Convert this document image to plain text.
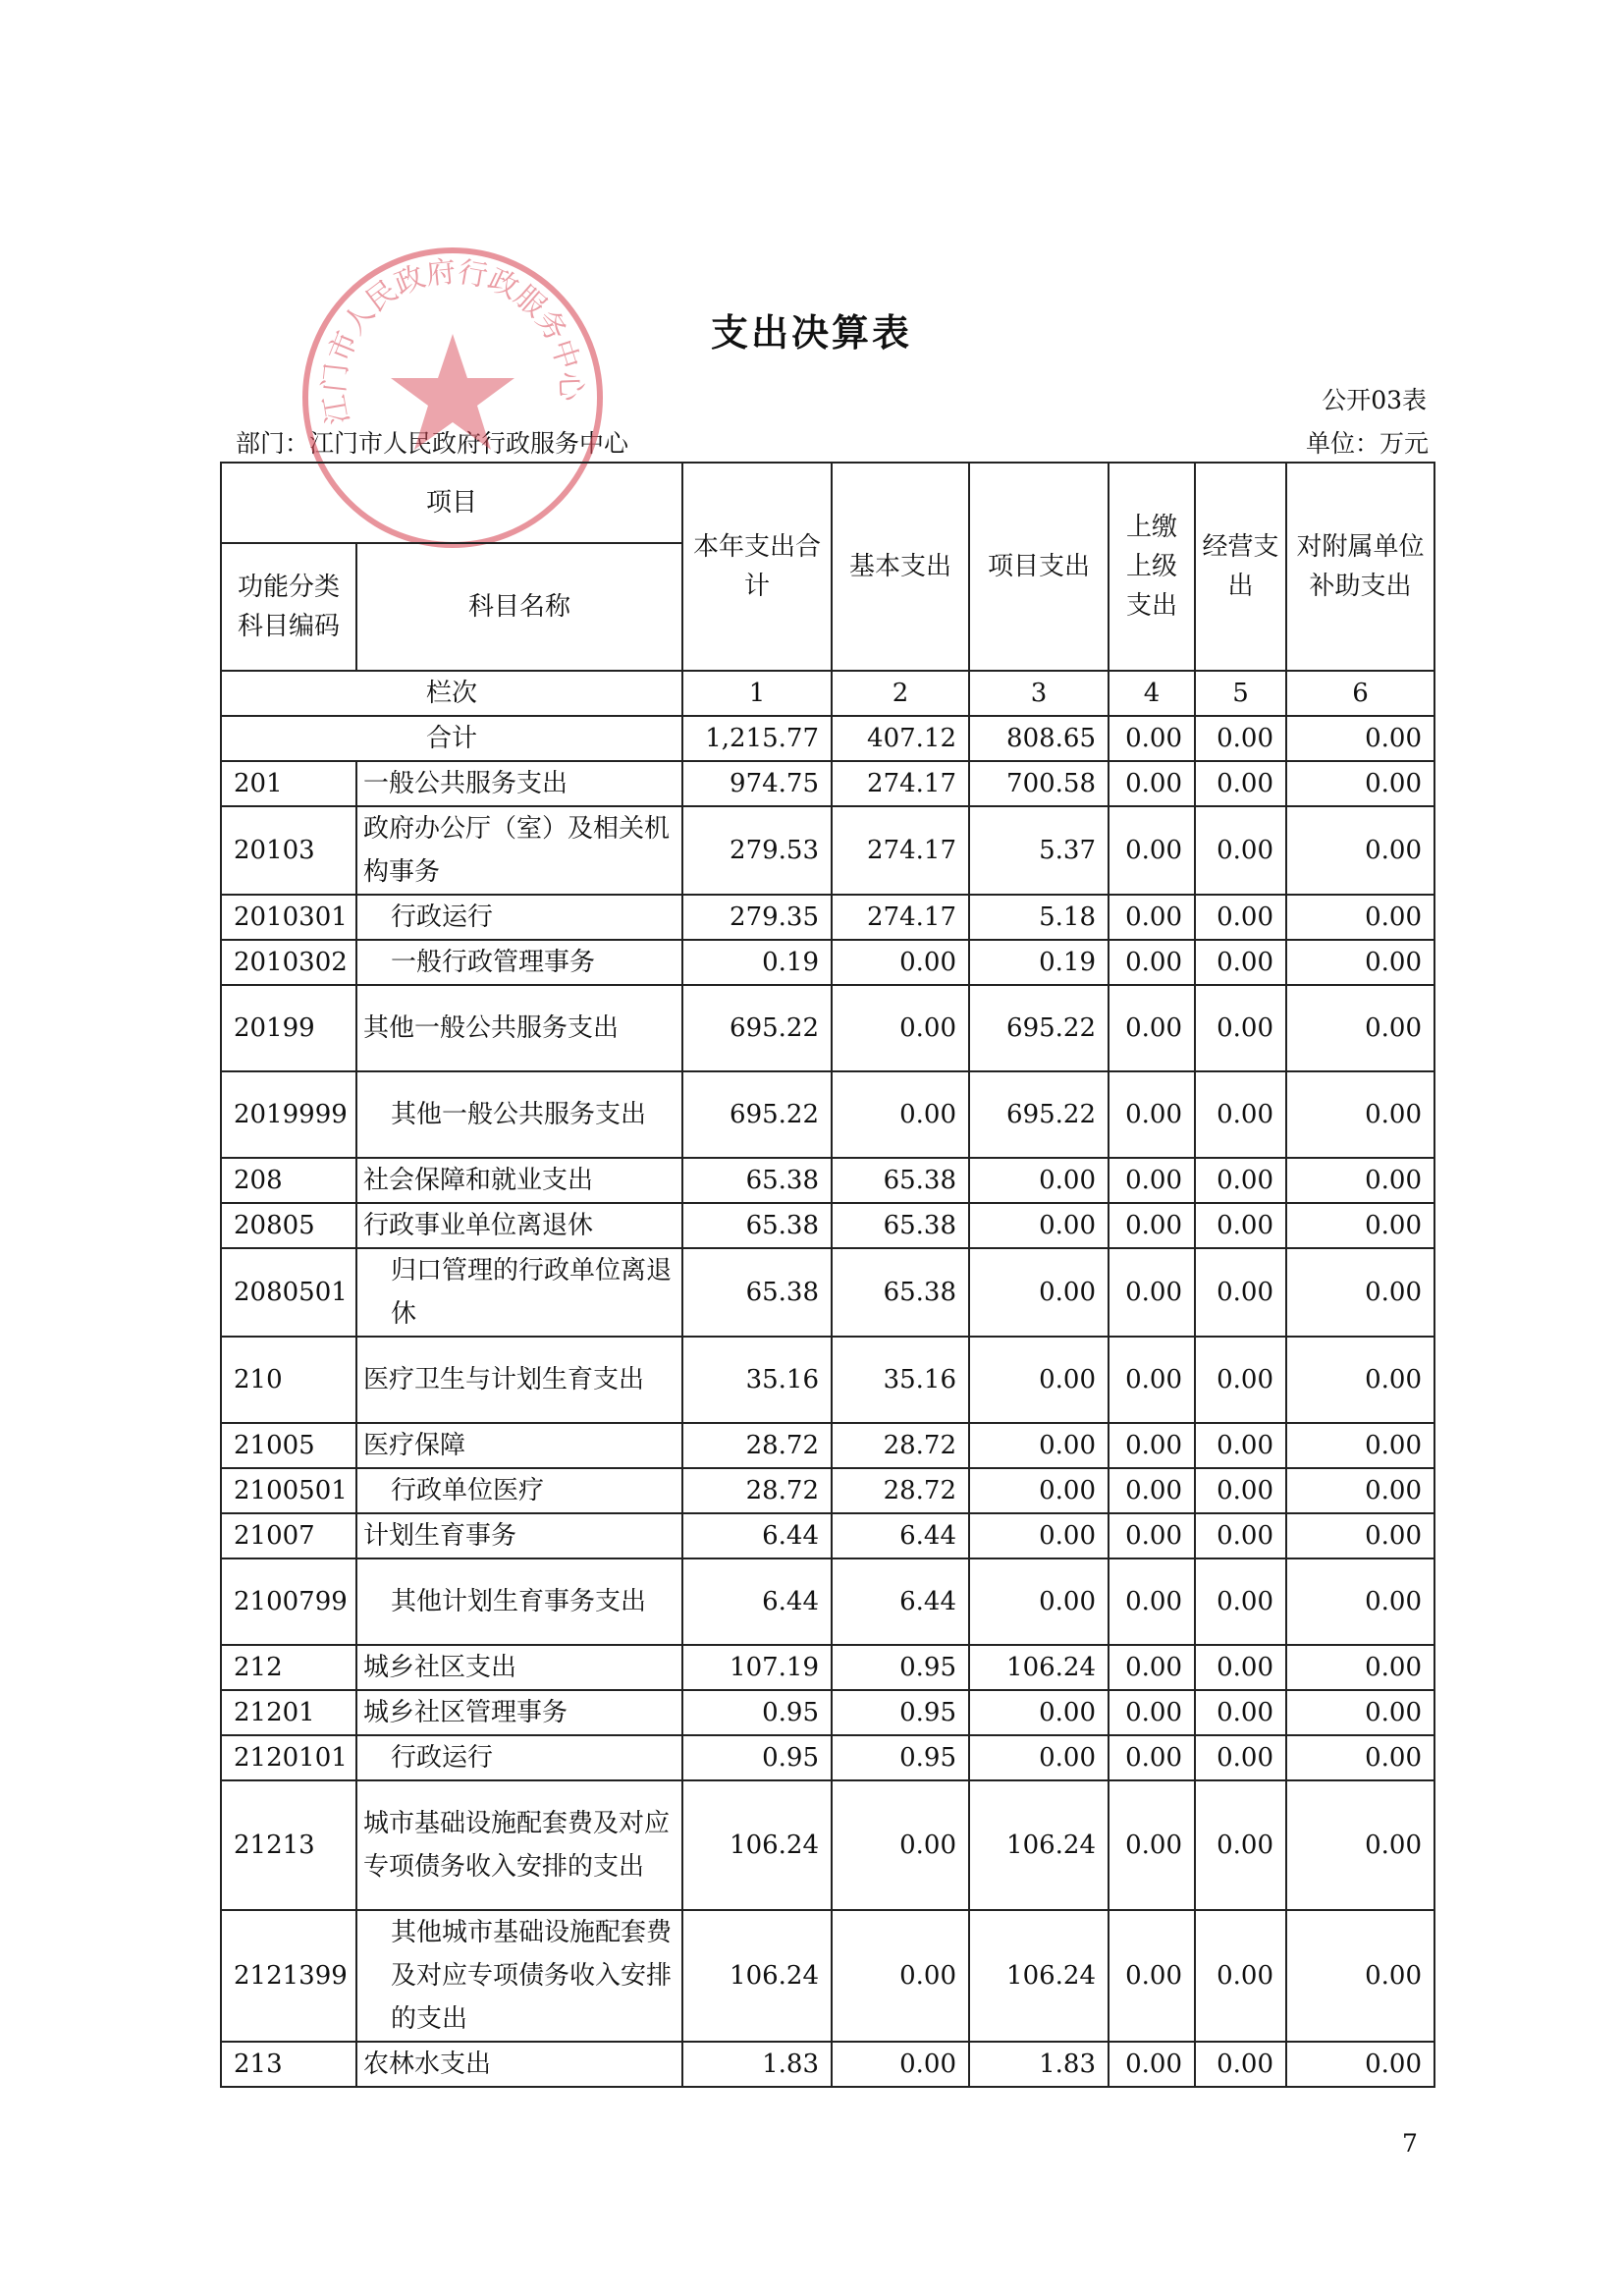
支出决算表
公开03表
部门：江门市人民政府行政服务中心	单位：万元
江门市人民政府行政服务中心
项目		本年支出合计	基本支出	项目支出	上缴上级支出	经营支出	对附属单位补助支出
功能分类科目编码	科目名称						
栏次		1	2	3	4	5	6
合计		1,215.77	407.12	808.65	0.00	0.00	0.00
201	一般公共服务支出	974.75	274.17	700.58	0.00	0.00	0.00
20103	政府办公厅（室）及相关机构事务	279.53	274.17	5.37	0.00	0.00	0.00
2010301	行政运行	279.35	274.17	5.18	0.00	0.00	0.00
2010302	一般行政管理事务	0.19	0.00	0.19	0.00	0.00	0.00
20199	其他一般公共服务支出	695.22	0.00	695.22	0.00	0.00	0.00
2019999	其他一般公共服务支出	695.22	0.00	695.22	0.00	0.00	0.00
208	社会保障和就业支出	65.38	65.38	0.00	0.00	0.00	0.00
20805	行政事业单位离退休	65.38	65.38	0.00	0.00	0.00	0.00
2080501	归口管理的行政单位离退休	65.38	65.38	0.00	0.00	0.00	0.00
210	医疗卫生与计划生育支出	35.16	35.16	0.00	0.00	0.00	0.00
21005	医疗保障	28.72	28.72	0.00	0.00	0.00	0.00
2100501	行政单位医疗	28.72	28.72	0.00	0.00	0.00	0.00
21007	计划生育事务	6.44	6.44	0.00	0.00	0.00	0.00
2100799	其他计划生育事务支出	6.44	6.44	0.00	0.00	0.00	0.00
212	城乡社区支出	107.19	0.95	106.24	0.00	0.00	0.00
21201	城乡社区管理事务	0.95	0.95	0.00	0.00	0.00	0.00
2120101	行政运行	0.95	0.95	0.00	0.00	0.00	0.00
21213	城市基础设施配套费及对应专项债务收入安排的支出	106.24	0.00	106.24	0.00	0.00	0.00
2121399	其他城市基础设施配套费及对应专项债务收入安排的支出	106.24	0.00	106.24	0.00	0.00	0.00
213	农林水支出	1.83	0.00	1.83	0.00	0.00	0.00
7
